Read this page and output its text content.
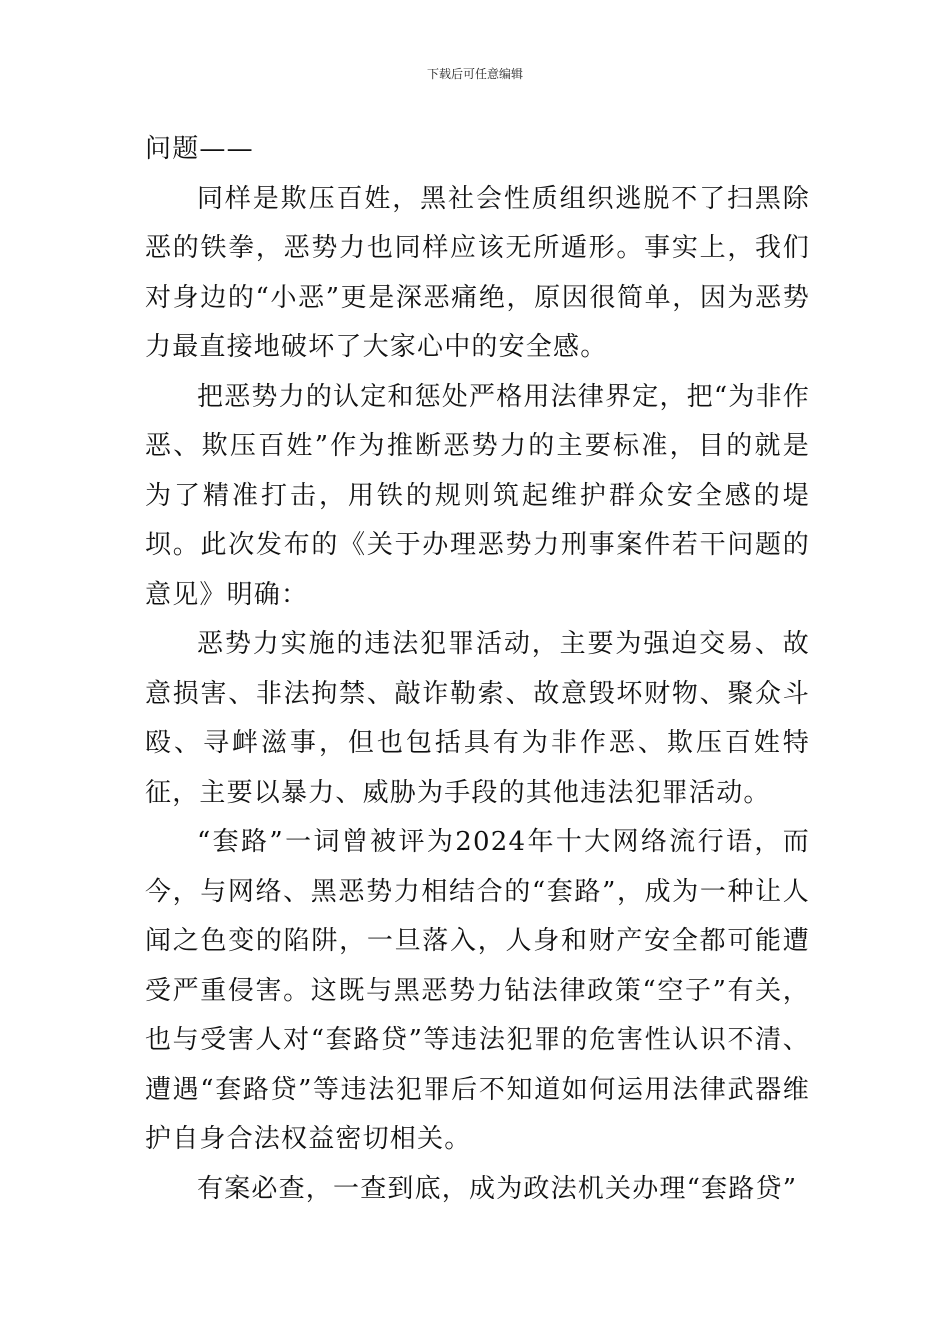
下载后可任意编辑

问题——

同样是欺压百姓，黑社会性质组织逃脱不了扫黑除恶的铁拳，恶势力也同样应该无所遁形。事实上，我们对身边的“小恶”更是深恶痛绝，原因很简单，因为恶势力最直接地破坏了大家心中的安全感。

把恶势力的认定和惩处严格用法律界定，把“为非作恶、欺压百姓”作为推断恶势力的主要标准，目的就是为了精准打击，用铁的规则筑起维护群众安全感的堤坝。此次发布的《关于办理恶势力刑事案件若干问题的意见》明确：

恶势力实施的违法犯罪活动，主要为强迫交易、故意损害、非法拘禁、敲诈勒索、故意毁坏财物、聚众斗殴、寻衅滋事，但也包括具有为非作恶、欺压百姓特征，主要以暴力、威胁为手段的其他违法犯罪活动。

“套路”一词曾被评为2024年十大网络流行语，而今，与网络、黑恶势力相结合的“套路”，成为一种让人闻之色变的陷阱，一旦落入，人身和财产安全都可能遭受严重侵害。这既与黑恶势力钻法律政策“空子”有关，也与受害人对“套路贷”等违法犯罪的危害性认识不清、遭遇“套路贷”等违法犯罪后不知道如何运用法律武器维护自身合法权益密切相关。

有案必查，一查到底，成为政法机关办理“套路贷”
